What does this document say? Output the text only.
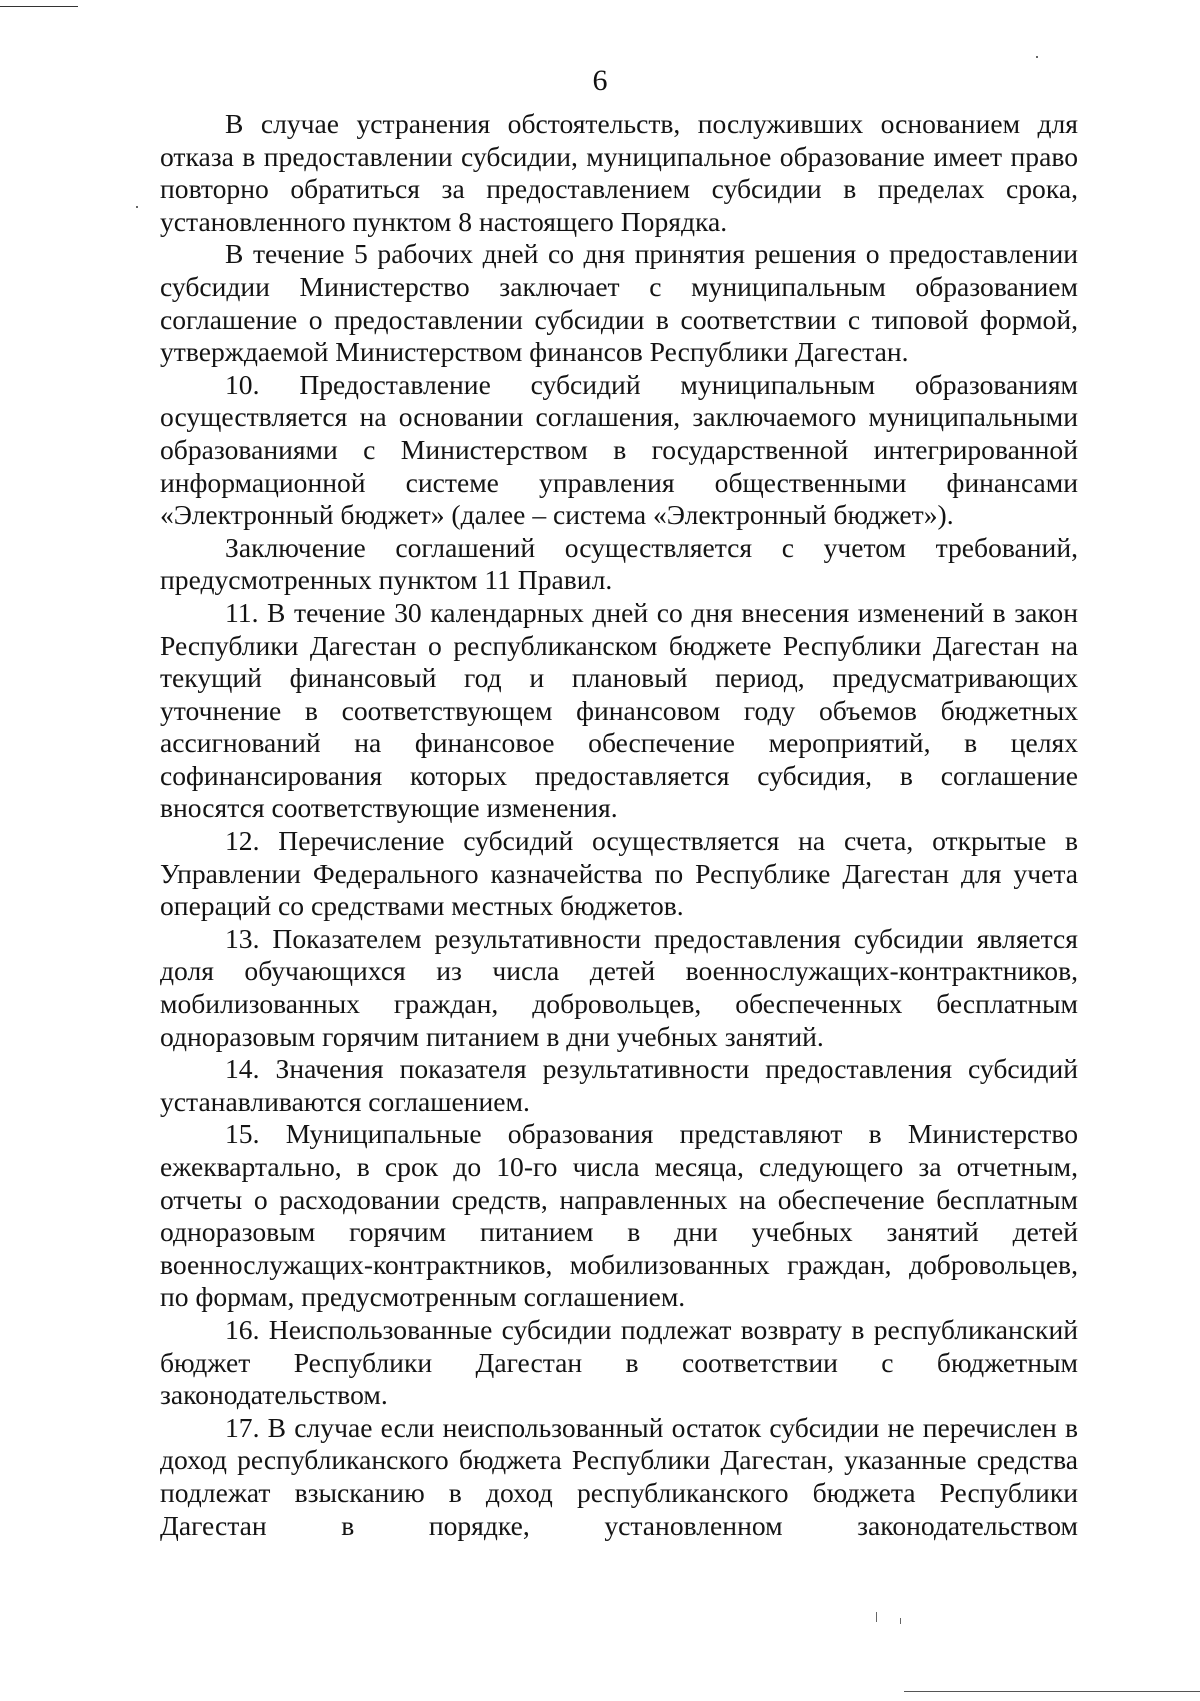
6

В случае устранения обстоятельств, послуживших основанием для отказа в предоставлении субсидии, муниципальное образование имеет право повторно обратиться за предоставлением субсидии в пределах срока, установленного пунктом 8 настоящего Порядка.

В течение 5 рабочих дней со дня принятия решения о предоставлении субсидии Министерство заключает с муниципальным образованием соглашение о предоставлении субсидии в соответствии с типовой формой, утверждаемой Министерством финансов Республики Дагестан.

10. Предоставление субсидий муниципальным образованиям осуществляется на основании соглашения, заключаемого муниципальными образованиями с Министерством в государственной интегрированной информационной системе управления общественными финансами «Электронный бюджет» (далее – система «Электронный бюджет»).

Заключение соглашений осуществляется с учетом требований, предусмотренных пунктом 11 Правил.

11. В течение 30 календарных дней со дня внесения изменений в закон Республики Дагестан о республиканском бюджете Республики Дагестан на текущий финансовый год и плановый период, предусматривающих уточнение в соответствующем финансовом году объемов бюджетных ассигнований на финансовое обеспечение мероприятий, в целях софинансирования которых предоставляется субсидия, в соглашение вносятся соответствующие изменения.

12. Перечисление субсидий осуществляется на счета, открытые в Управлении Федерального казначейства по Республике Дагестан для учета операций со средствами местных бюджетов.

13. Показателем результативности предоставления субсидии является доля обучающихся из числа детей военнослужащих-контрактников, мобилизованных граждан, добровольцев, обеспеченных бесплатным одноразовым горячим питанием в дни учебных занятий.

14. Значения показателя результативности предоставления субсидий устанавливаются соглашением.

15. Муниципальные образования представляют в Министерство ежеквартально, в срок до 10-го числа месяца, следующего за отчетным, отчеты о расходовании средств, направленных на обеспечение бесплатным одноразовым горячим питанием в дни учебных занятий детей военнослужащих-контрактников, мобилизованных граждан, добровольцев, по формам, предусмотренным соглашением.

16. Неиспользованные субсидии подлежат возврату в республиканский бюджет Республики Дагестан в соответствии с бюджетным законодательством.

17. В случае если неиспользованный остаток субсидии не перечислен в доход республиканского бюджета Республики Дагестан, указанные средства подлежат взысканию в доход республиканского бюджета Республики Дагестан в порядке, установленном законодательством
